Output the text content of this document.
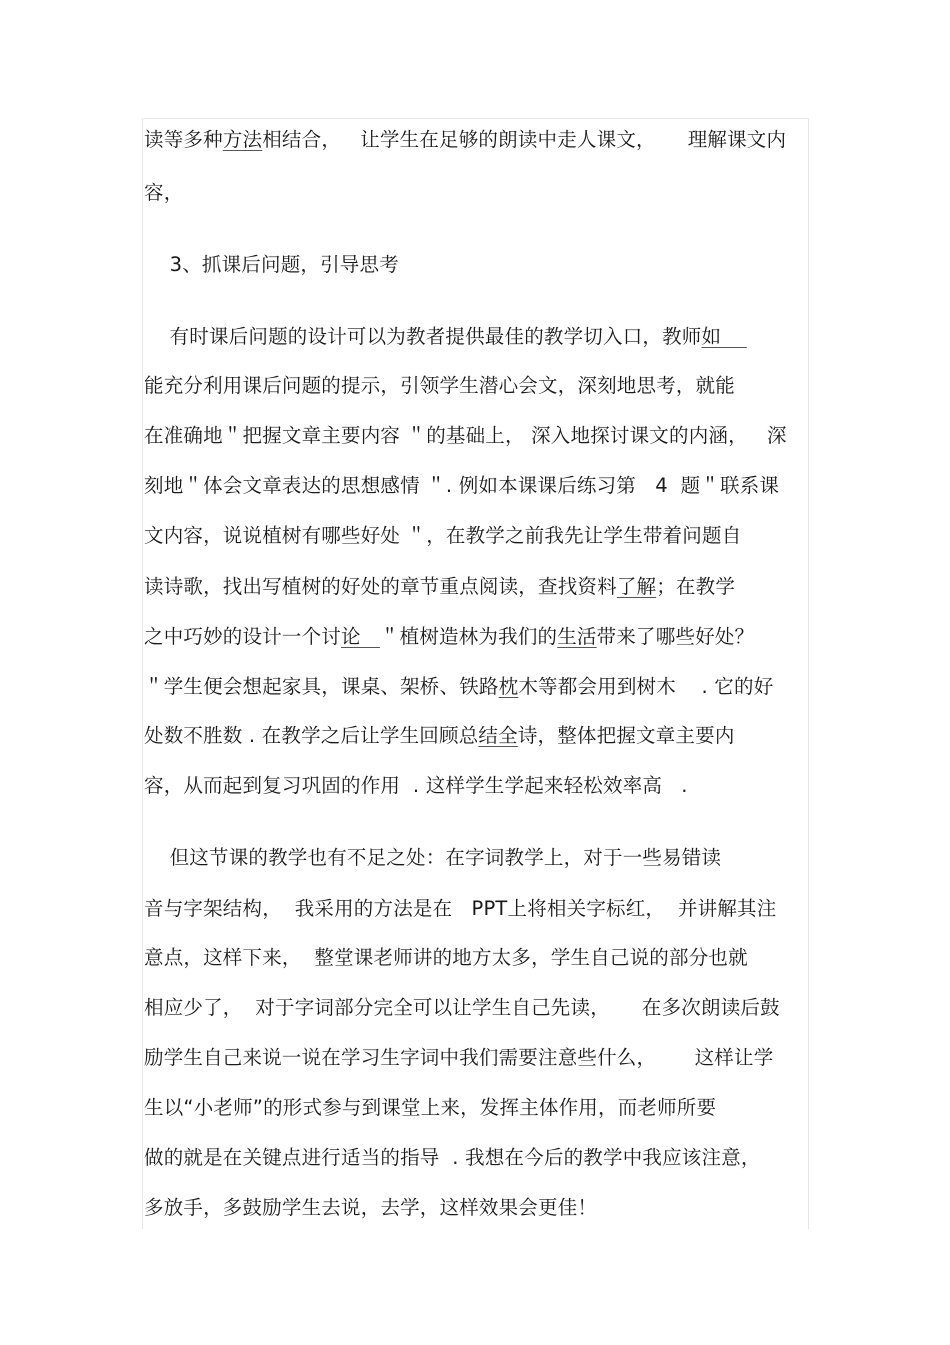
读等多种方法相结合，   让学生在足够的朗读中走人课文，     理解课文内
容，
3、抓课后问题，引导思考
有时课后问题的设计可以为教者提供最佳的教学切入口，教师如
能充分利用课后问题的提示，引领学生潜心会文，深刻地思考，就能
在准确地＂把握文章主要内容 ＂的基础上， 深入地探讨课文的内涵，   深
刻地＂体会文章表达的思想感情 ＂. 例如本课课后练习第   4  题＂联系课
文内容，说说植树有哪些好处 ＂，在教学之前我先让学生带着问题自
读诗歌，找出写植树的好处的章节重点阅读，查找资料了解；在教学
之中巧妙的设计一个讨论   ＂植树造林为我们的生活带来了哪些好处？
＂学生便会想起家具，课桌、架桥、铁路枕木等都会用到树木    . 它的好
处数不胜数 . 在教学之后让学生回顾总结全诗，整体把握文章主要内
容，从而起到复习巩固的作用  . 这样学生学起来轻松效率高   .
但这节课的教学也有不足之处：在字词教学上，对于一些易错读
音与字架结构，  我采用的方法是在   PPT上将相关字标红，  并讲解其注
意点，这样下来，  整堂课老师讲的地方太多，学生自己说的部分也就
相应少了，  对于字词部分完全可以让学生自己先读，     在多次朗读后鼓
励学生自己来说一说在学习生字词中我们需要注意些什么，      这样让学
生以“小老师”的形式参与到课堂上来，发挥主体作用，而老师所要
做的就是在关键点进行适当的指导  . 我想在今后的教学中我应该注意，
多放手，多鼓励学生去说，去学，这样效果会更佳！
